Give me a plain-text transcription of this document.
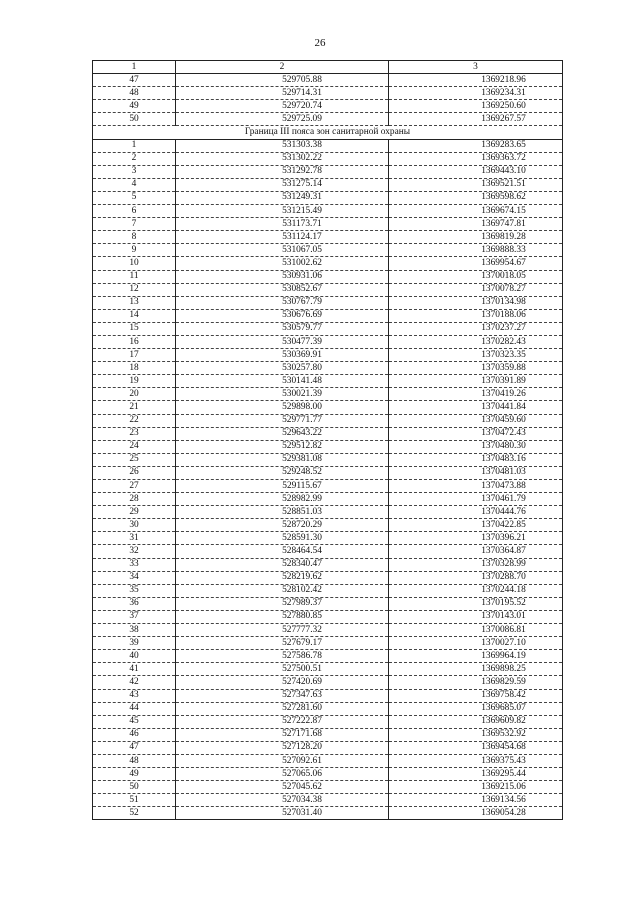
26
1	2	3
47	529705.88	1369218.96
48	529714.31	1369234.31
49	529720.74	1369250.60
50	529725.09	1369267.57
Граница III пояса зон санитарной охраны		
1	531303.38	1369283.65
2	531302.22	1369363.72
3	531292.78	1369443.10
4	531275.14	1369521.51
5	531249.31	1369598.62
6	531215.49	1369674.15
7	531173.71	1369747.81
8	531124.17	1369819.28
9	531067.05	1369888.33
10	531002.62	1369954.67
11	530931.06	1370018.05
12	530852.67	1370078.27
13	530767.79	1370134.98
14	530676.69	1370188.06
15	530579.77	1370237.27
16	530477.39	1370282.43
17	530369.91	1370323.35
18	530257.80	1370359.88
19	530141.48	1370391.89
20	530021.39	1370419.26
21	529898.00	1370441.84
22	529771.77	1370459.60
23	529643.22	1370472.43
24	529512.82	1370480.30
25	529381.08	1370483.16
26	529248.52	1370481.03
27	529115.67	1370473.88
28	528982.99	1370461.79
29	528851.03	1370444.76
30	528720.29	1370422.85
31	528591.30	1370396.21
32	528464.54	1370364.87
33	528340.47	1370328.99
34	528219.62	1370288.70
35	528102.42	1370244.18
36	527989.37	1370195.52
37	527880.85	1370143.01
38	527777.32	1370086.81
39	527679.17	1370027.10
40	527586.78	1369964.19
41	527500.51	1369898.25
42	527420.69	1369829.59
43	527347.63	1369758.42
44	527281.60	1369685.07
45	527222.87	1369609.82
46	527171.68	1369532.92
47	527128.20	1369454.68
48	527092.61	1369375.43
49	527065.06	1369295.44
50	527045.62	1369215.06
51	527034.38	1369134.56
52	527031.40	1369054.28
